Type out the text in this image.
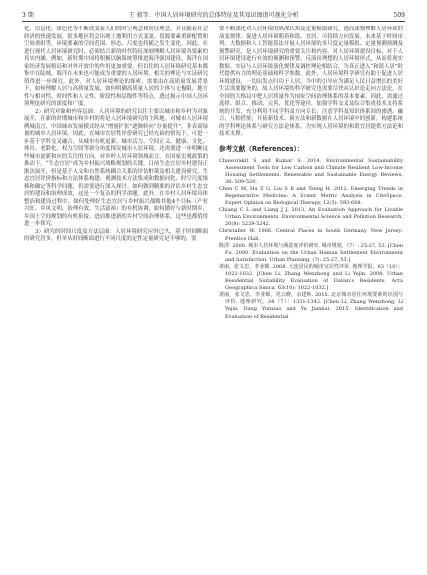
3 期	王 毅等：中国人居环境研究的总体特征及其知识图谱可视化分析	509

化、信息化、绿色化等不断改变着人们的时空观念和居住理念，并且随着社会经济的快速发展，很多地区将会出现土地利用方式变更、资源要素重新配置和空间重组等，环境要素的空间范围、形态、尺度也将随之发生变化。因此，在进行现代人居环境研究时，必须结合新的时代特征深刻理解人居环境各要素的真实内涵。例如，新时期中国将积极以脑海统筹推进海洋强国建设，海洋在国家经济发展格局和对外开放中的作用更加重要，但以往的人居环境研究基本都集中在陆域，海洋在未来也可能成为重要的人居环境，相关的理论与实证研究值得进一步探究。此外，对人居环境理论的探索，需要由在高质量发展背景下，如何理解人居与高质量发展，如何明确高质量人居的主体与无极限、地方性与相对性、时间性和人文性、阶段性和层级性等特点，透过揭示中国人居环境理论研究的深度和广度。

2）研究对象和内容层面：人居环境的研究以往主要以城市和乡村为对象展开，在新的时期城市和乡村的将是人居环境研究的主阵地。对城市人居环境例城南言，中国城市发展模式经从“增量扩张”逐渐转向“存量提升”，非表商绿量的城市人居环境。因此，在城市宜居性评价研究已经充裕的情况下，可进一步基于学科交叉融合，从城市有机更新、城市活力、空间正义、健康、文化、体育、老龄化、权力空间等新分角度探究城市人居环境，还需要进一步明晰这些城市更新和应的关注的方向。对乡村人居环境领域而言，在国家宏观政策的推动下，“生态宜居”成为乡村振兴战略规划的关键，目前生态宜居乡村建设正渐次展开，但是基于人文和自然系统耦合关系的评估框架及相关建设研究、生态宜居评价指标和方法体系构建、观测技术方法集成和数据同化、时空尺度推移和确定等科学问题，仍需要进行深入探讨。如何做到精准的评估乡村生态宜居的建设和治理成效，这是一个复杂的科学命题。此外，在乡村人居环境具体整治和建设过程中，如何处理好生态宜居与乡村振兴战略其他4个目标（产业兴旺、乡风文明、治理有效、生活富裕）的有机协调，如何做好与新时期乡、乡国土空间规划的有机衔接，进而推进新的乡村空间治理体系，这些也都值得进一步探究。

3）研究的时间尺度及方法层面：人居环境研究应时已久，基于时间断面的研究居多，但单从时间断面进行不同尺度的定性定量研究是不够的，需

要不断深化对人居环境的纵深认知及定量模拟研究，透而深刻理解人居环境的演变规律。促进人居环境朝着和谐、宜居、可持续方向发展。未来基于时间序列、大数据和人工智能算法开展人居环境的多尺度定量模拟、定量预测预测及预警研究，是人居环境研究的重要关注和内容。对人居环境建设目标，对于人居环境建设进行有效的预测和预警，反演出理想的人居环境形式，从而将现实数据、实证与人居环境演化规律及调控理论相结合，为真正进入“和谐人居”时代提供有力的理论基础和科学参数。此外，人居环境科学研究有助于促进人居环境建设，一切出发点归功于人居，当中的引导应为满足人民日益增长的美好生活需要服务的，故人居环境的科学研究也需要尽快从认识论走向方法论。在全国的大格局中把人居质量作为国家空间治理体系的基本要素，因此，需通过选择、组合、推动、完善、优化等途径，加强学科交叉及综合集成技术支持系统的开发，充分利用不同学科及方向专长，注意学科及知识体系间的渗透、融合，互相借鉴，开拓新技术、新方法和新数据在人居环境中的创新，构建系统的学科理论体系与研究方法论体系，为实现人居环境的和谐宜居提供方法论和技术支撑。

参考文献（References）：

Chaworakit S and Kumar S. 2014. Environmental Sustainability Assessment Tools for Low Carbon and Climate Resilient Low-Income Housing Settlements. Renewable and Sustainable Energy Reviews, 38: 509-520.

Chen C M, Hu Z G, Liu S B and Tseng H. 2012. Emerging Trends in Regenerative Medicine: A Scient Metric Analysis in CiteSpace. Expert Opinion on Biological Therapy, 12(5): 593-608.

Chiang C L and Liang J J. 2013. An Evaluation Approach for Livable Urban Environments. Environmental Science and Pollution Research, 20(8): 5229-5242.

Christaller W. 1966. Central Places in South Germany. New Jersey: Prentice Hall.

陈浮. 2000. 城市人居环境与满意度评价研究. 城市规划，（7）: 25-27, 53. [Chen Fu. 2000. Evaluation on the Urban Human Settlement Environment and Satisfaction. Urban Planning, (7): 25-27, 53.]

谌丽，张文忠，李业锦. 2008. 大连居民的城市宜居性评价. 地理学报，63（10）：1022-1032. [Chen Li, Zhang Wenzhong and Li Yejin. 2008. Urban Residential Suitability Evaluation of Dalian's Residents. Acta Geographica Sinica, 63(10): 1022-1032.]

谌丽，张文忠，李业锦，党云晓，余建辉. 2015. 北京城市居住环境要素的识别与评价. 地理研究，34（7）：1331-1342. [Chen Li, Zhang Wenzhong, Li Yejin, Dang Yunxiao and Yu Jianhui. 2015. Identification and Evaluation of Residential
